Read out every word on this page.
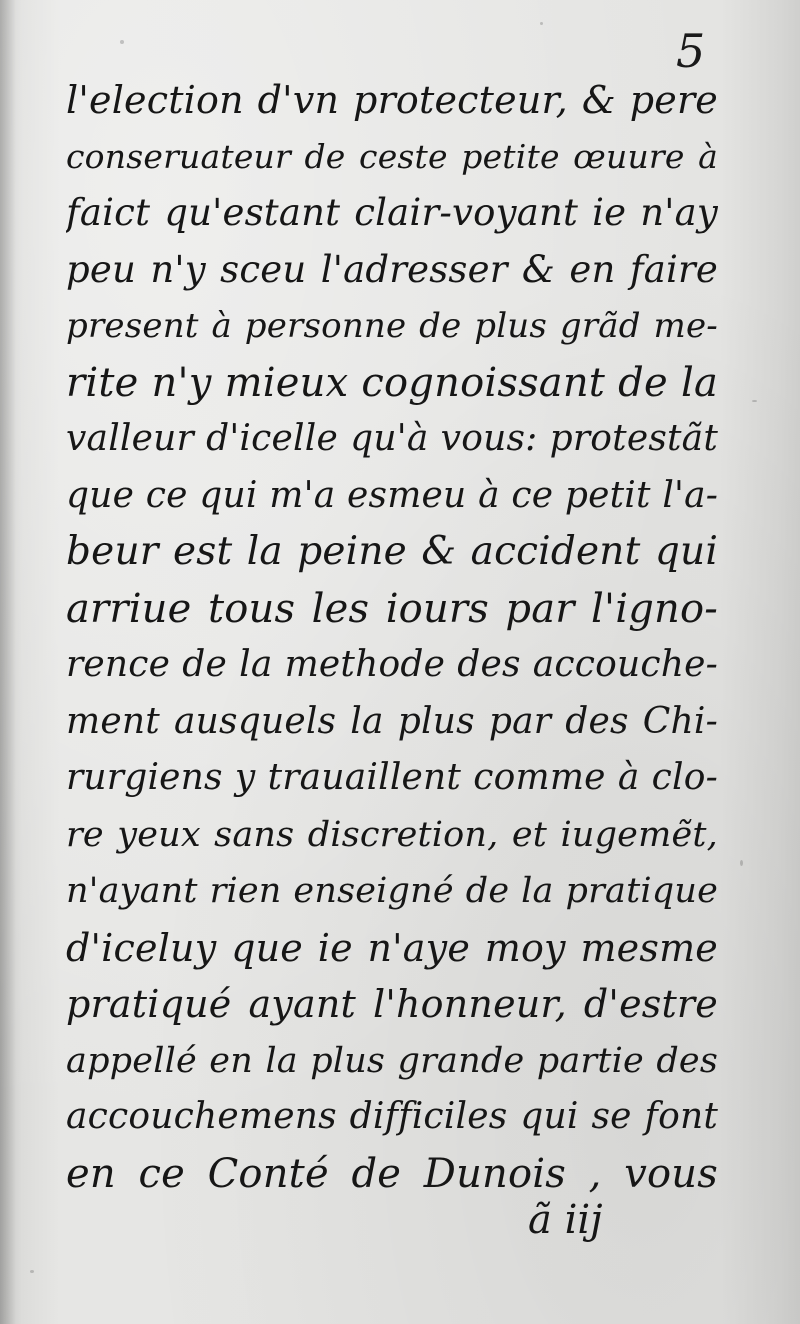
5
l'election d'vn protecteur, & pere
conseruateur de ceste petite œuure à
faict qu'estant clair-voyant ie n'ay
peu n'y sceu l'adresser & en faire
present à personne de plus grãd me-
rite n'y mieux cognoissant de la
valleur d'icelle qu'à vous: protestãt
que ce qui m'a esmeu à ce petit l'a-
beur est la peine & accident qui
arriue tous les iours par l'igno-
rence de la methode des accouche-
ment ausquels la plus par des Chi-
rurgiens y trauaillent comme à clo-
re yeux sans discretion, et iugemẽt,
n'ayant rien enseigné de la pratique
d'iceluy que ie n'aye moy mesme
pratiqué ayant l'honneur, d'estre
appellé en la plus grande partie des
accouchemens difficiles qui se font
en ce Conté de Dunois , vous
ã iij
